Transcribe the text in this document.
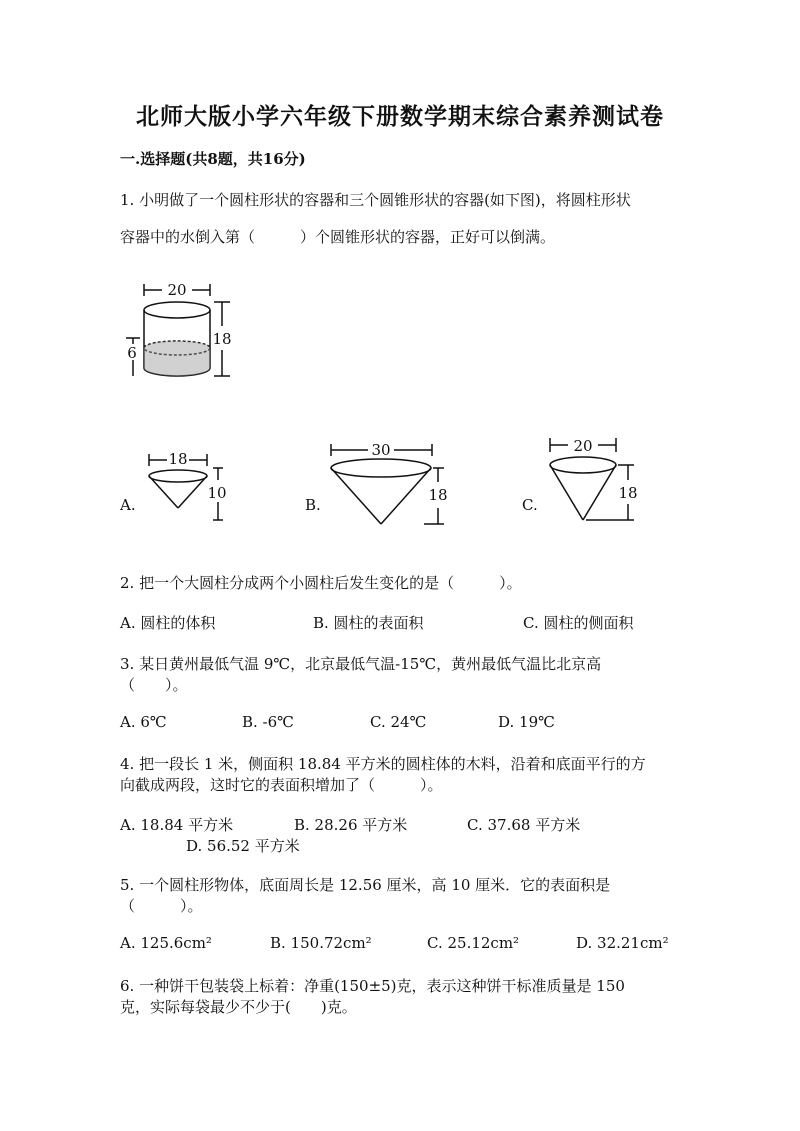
北师大版小学六年级下册数学期末综合素养测试卷
一.选择题(共8题，共16分)
1. 小明做了一个圆柱形状的容器和三个圆锥形状的容器(如下图)，将圆柱形状
容器中的水倒入第（　　　）个圆锥形状的容器，正好可以倒满。
20
18
6
A.
18
10
B.
30
18
C.
20
18
2. 把一个大圆柱分成两个小圆柱后发生变化的是（　　　）。
A. 圆柱的体积	B. 圆柱的表面积	C. 圆柱的侧面积
3. 某日黄州最低气温 9℃，北京最低气温-15℃，黄州最低气温比北京高
（　　）。
A. 6℃	B. -6℃	C. 24℃	D. 19℃
4. 把一段长 1 米，侧面积 18.84 平方米的圆柱体的木料，沿着和底面平行的方
向截成两段，这时它的表面积增加了（　　　）。
A. 18.84 平方米	B. 28.26 平方米	C. 37.68 平方米
D. 56.52 平方米
5. 一个圆柱形物体，底面周长是 12.56 厘米，高 10 厘米．它的表面积是
（　　　）。
A. 125.6cm²	B. 150.72cm²	C. 25.12cm²	D. 32.21cm²
6. 一种饼干包装袋上标着：净重(150±5)克，表示这种饼干标准质量是 150
克，实际每袋最少不少于(　　)克。
